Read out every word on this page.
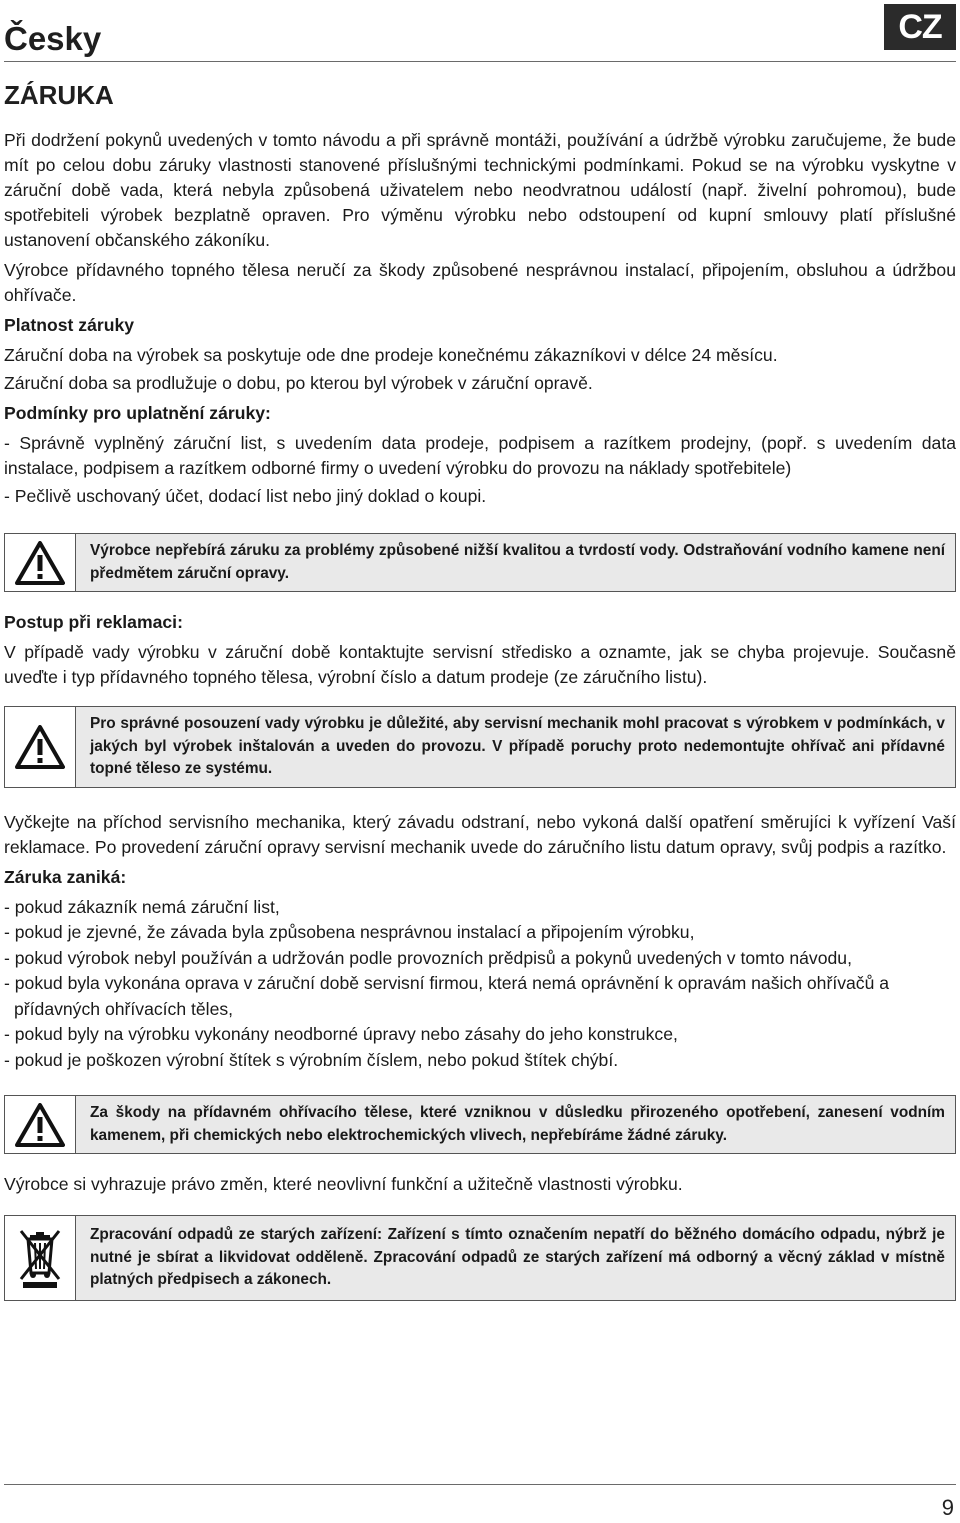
Česky	CZ
ZÁRUKA

Při dodržení pokynů uvedených v tomto návodu a při správně montáži, používání a údržbě výrobku zaručujeme, že bude mít po celou dobu záruky vlastnosti stanovené příslušnými technickými podmínkami. Pokud se na výrobku vyskytne v záruční době vada, která nebyla způsobená uživatelem nebo neodvratnou událostí (např. živelní pohromou), bude spotřebiteli výrobek bezplatně opraven. Pro výměnu výrobku nebo odstoupení od kupní smlouvy platí příslušné ustanovení občanského zákoníku.

Výrobce přídavného topného tělesa neručí za škody způsobené nesprávnou instalací, připojením, obsluhou a údržbou ohřívače.

Platnost záruky

Záruční doba na výrobek sa poskytuje ode dne prodeje konečnému zákazníkovi v délce 24 měsícu.

Záruční doba sa prodlužuje o dobu, po kterou byl výrobek v záruční opravě.

Podmínky pro uplatnění záruky:

- Správně vyplněný záruční list, s uvedením data prodeje, podpisem a razítkem prodejny, (popř. s uvedením data instalace, podpisem a razítkem odborné firmy o uvedení výrobku do provozu na náklady spotřebitele)

- Pečlivě uschovaný účet, dodací list nebo jiný doklad o koupi.

Výrobce nepřebírá záruku za problémy způsobené nižší kvalitou a tvrdostí vody. Odstraňování vodního kamene není předmětem záruční opravy.
Postup při reklamaci:

V případě vady výrobku v záruční době kontaktujte servisní středisko a oznamte, jak se chyba projevuje. Současně uveďte i typ přídavného topného tělesa, výrobní číslo a datum prodeje (ze záručního listu).

Pro správné posouzení vady výrobku je důležité, aby servisní mechanik mohl pracovat s výrobkem v podmínkách, v jakých byl výrobek inštalován a uveden do provozu. V případě poruchy proto nedemontujte ohřívač ani přídavné topné těleso ze systému.

Vyčkejte na příchod servisního mechanika, který závadu odstraní, nebo vykoná další opatření směrujíci k vyřízení Vaší reklamace. Po provedení záruční opravy servisní mechanik uvede do záručního listu datum opravy, svůj podpis a razítko.

Záruka zaniká:
- pokud zákazník nemá záruční list,
- pokud je zjevné, že závada byla způsobena nesprávnou instalací a připojením výrobku,
- pokud výrobok nebyl používán a udržován podle provozních prědpisů a pokynů uvedených v tomto návodu,
- pokud byla vykonána oprava v záruční době servisní firmou, která nemá oprávnění k opravám našich ohřívačů a přídavných ohřívacích těles,
- pokud byly na výrobku vykonány neodborné úpravy nebo zásahy do jeho konstrukce,
- pokud je poškozen výrobní štítek s výrobním číslem, nebo pokud štítek chýbí.
Za škody na přídavném ohřívacího tělese, které vzniknou v důsledku přirozeného opotřebení, zanesení vodním kamenem, při chemických nebo elektrochemických vlivech, nepřebíráme žádné záruky.

Výrobce si vyhrazuje právo změn, které neovlivní funkční a užitečně vlastnosti výrobku.

Zpracování odpadů ze starých zařízení: Zařízení s tímto označením nepatří do běžného domácího odpadu, nýbrž je nutné je sbírat a likvidovat odděleně. Zpracování odpadů ze starých zařízení má odborný a věcný základ v místně platných předpisech a zákonech.
9
